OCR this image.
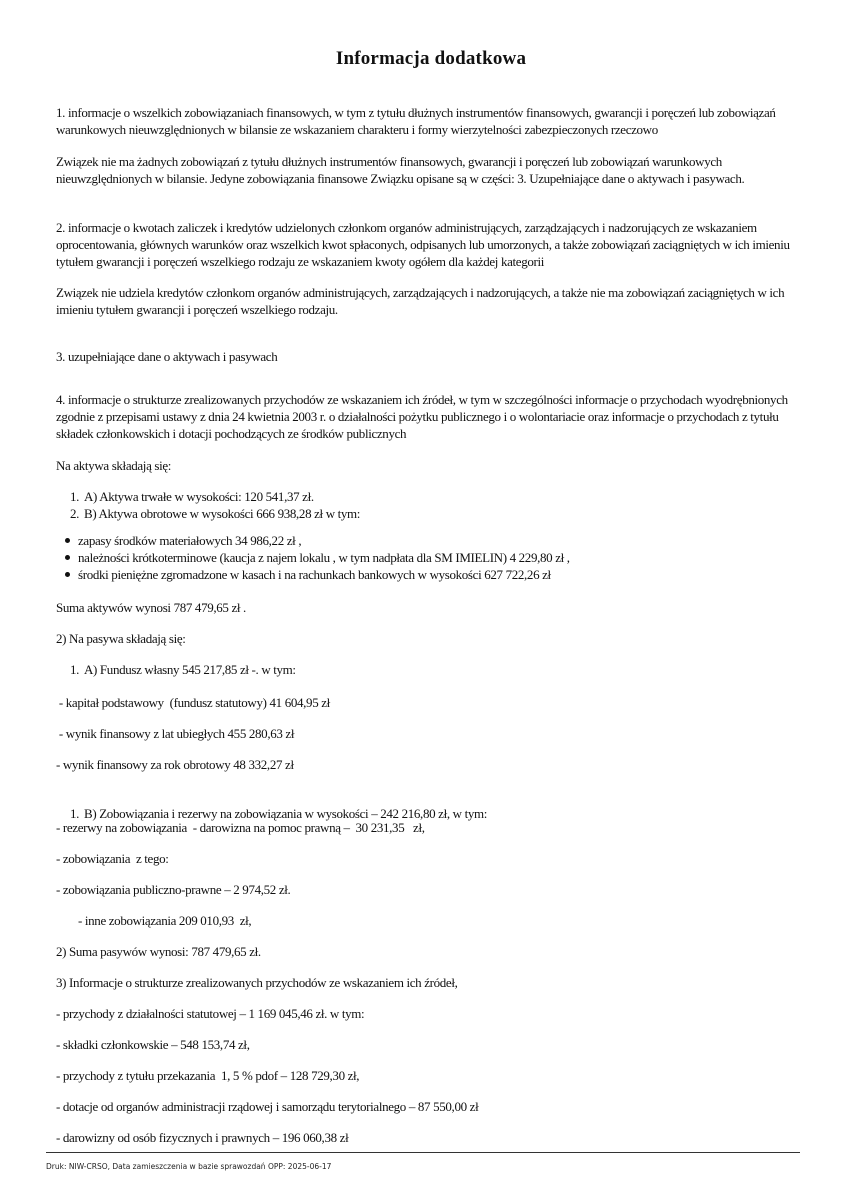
Informacja dodatkowa

1. informacje o wszelkich zobowiązaniach finansowych, w tym z tytułu dłużnych instrumentów finansowych, gwarancji i poręczeń lub zobowiązań warunkowych nieuwzględnionych w bilansie ze wskazaniem charakteru i formy wierzytelności zabezpieczonych rzeczowo

Związek nie ma żadnych zobowiązań z tytułu dłużnych instrumentów finansowych, gwarancji i poręczeń lub zobowiązań warunkowych nieuwzględnionych w bilansie. Jedyne zobowiązania finansowe Związku opisane są w części: 3. Uzupełniające dane o aktywach i pasywach.

2. informacje o kwotach zaliczek i kredytów udzielonych członkom organów administrujących, zarządzających i nadzorujących ze wskazaniem oprocentowania, głównych warunków oraz wszelkich kwot spłaconych, odpisanych lub umorzonych, a także zobowiązań zaciągniętych w ich imieniu tytułem gwarancji i poręczeń wszelkiego rodzaju ze wskazaniem kwoty ogółem dla każdej kategorii

Związek nie udziela kredytów członkom organów administrujących, zarządzających i nadzorujących, a także nie ma zobowiązań zaciągniętych w ich imieniu tytułem gwarancji i poręczeń wszelkiego rodzaju.

3. uzupełniające dane o aktywach i pasywach

4. informacje o strukturze zrealizowanych przychodów ze wskazaniem ich źródeł, w tym w szczególności informacje o przychodach wyodrębnionych zgodnie z przepisami ustawy z dnia 24 kwietnia 2003 r. o działalności pożytku publicznego i o wolontariacie oraz informacje o przychodach z tytułu składek członkowskich i dotacji pochodzących ze środków publicznych

Na aktywa składają się:

1. A) Aktywa trwałe w wysokości: 120 541,37 zł.
2. B) Aktywa obrotowe w wysokości 666 938,28 zł w tym:
zapasy środków materiałowych 34 986,22 zł ,
należności krótkoterminowe (kaucja z najem lokalu , w tym nadpłata dla SM IMIELIN) 4 229,80 zł ,
środki pieniężne zgromadzone w kasach i na rachunkach bankowych w wysokości 627 722,26 zł

Suma aktywów wynosi 787 479,65 zł .

2) Na pasywa składają się:

1. A) Fundusz własny 545 217,85 zł -. w tym:

- kapitał podstawowy  (fundusz statutowy) 41 604,95 zł

- wynik finansowy z lat ubiegłych 455 280,63 zł

- wynik finansowy za rok obrotowy 48 332,27 zł

1. B) Zobowiązania i rezerwy na zobowiązania w wysokości – 242 216,80 zł, w tym:

- rezerwy na zobowiązania  - darowizna na pomoc prawną –  30 231,35   zł,

- zobowiązania  z tego:

- zobowiązania publiczno-prawne – 2 974,52 zł.

- inne zobowiązania 209 010,93  zł,

2) Suma pasywów wynosi: 787 479,65 zł.

3) Informacje o strukturze zrealizowanych przychodów ze wskazaniem ich źródeł,

- przychody z działalności statutowej – 1 169 045,46 zł. w tym:

- składki członkowskie – 548 153,74 zł,

- przychody z tytułu przekazania  1, 5 % pdof – 128 729,30 zł,

- dotacje od organów administracji rządowej i samorządu terytorialnego – 87 550,00 zł

- darowizny od osób fizycznych i prawnych – 196 060,38 zł

Druk: NIW-CRSO, Data zamieszczenia w bazie sprawozdań OPP: 2025-06-17
